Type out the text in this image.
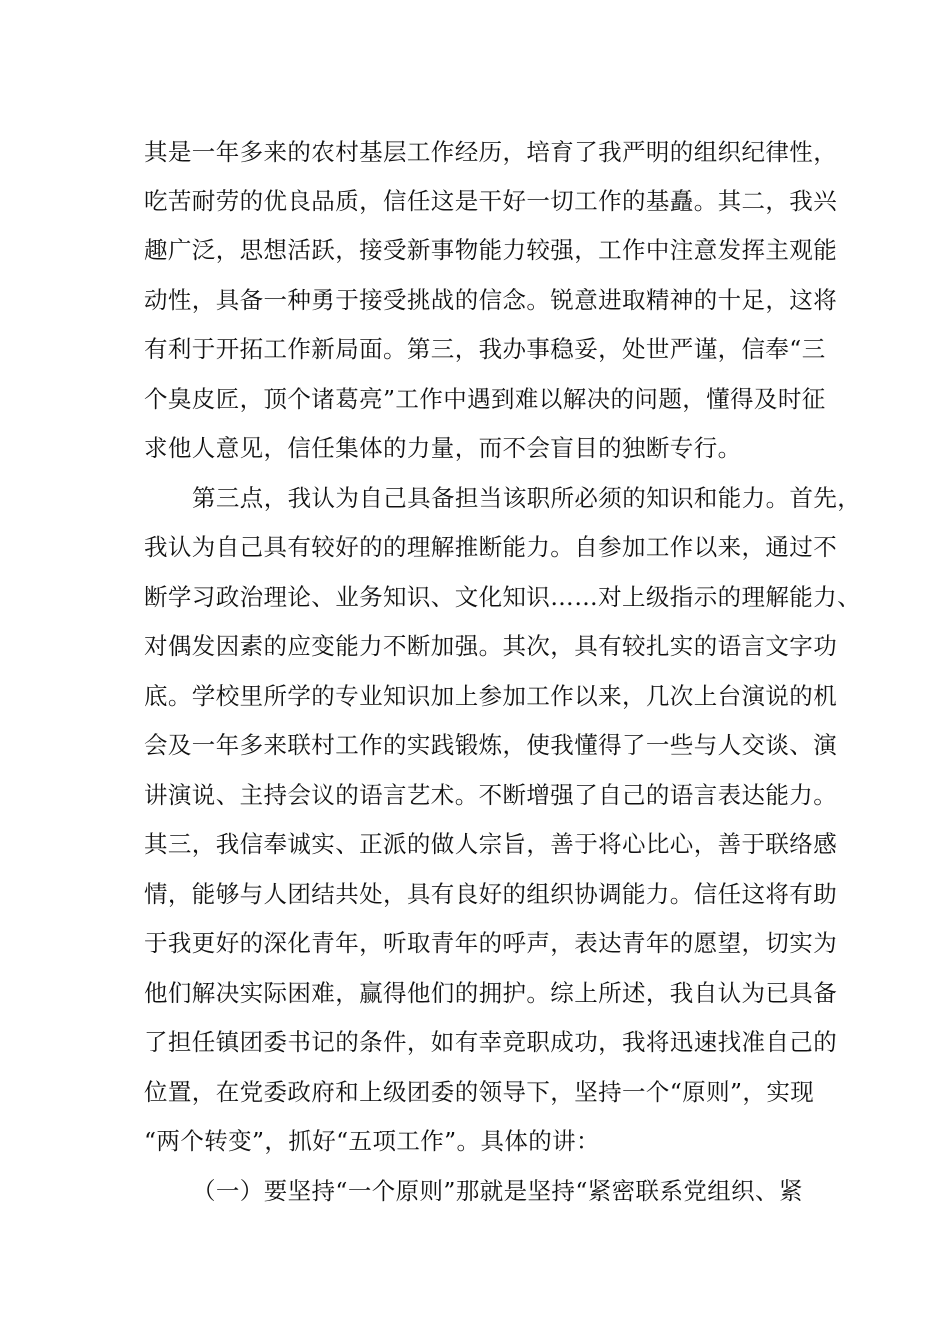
其是一年多来的农村基层工作经历，培育了我严明的组织纪律性，
吃苦耐劳的优良品质，信任这是干好一切工作的基矗。其二，我兴
趣广泛，思想活跃，接受新事物能力较强，工作中注意发挥主观能
动性，具备一种勇于接受挑战的信念。锐意进取精神的十足，这将
有利于开拓工作新局面。第三，我办事稳妥，处世严谨，信奉“三
个臭皮匠，顶个诸葛亮”工作中遇到难以解决的问题，懂得及时征
求他人意见，信任集体的力量，而不会盲目的独断专行。
第三点，我认为自己具备担当该职所必须的知识和能力。首先，
我认为自己具有较好的的理解推断能力。自参加工作以来，通过不
断学习政治理论、业务知识、文化知识……对上级指示的理解能力、
对偶发因素的应变能力不断加强。其次，具有较扎实的语言文字功
底。学校里所学的专业知识加上参加工作以来，几次上台演说的机
会及一年多来联村工作的实践锻炼，使我懂得了一些与人交谈、演
讲演说、主持会议的语言艺术。不断增强了自己的语言表达能力。
其三，我信奉诚实、正派的做人宗旨，善于将心比心，善于联络感
情，能够与人团结共处，具有良好的组织协调能力。信任这将有助
于我更好的深化青年，听取青年的呼声，表达青年的愿望，切实为
他们解决实际困难，赢得他们的拥护。综上所述，我自认为已具备
了担任镇团委书记的条件，如有幸竞职成功，我将迅速找准自己的
位置，在党委政府和上级团委的领导下，坚持一个“原则”，实现
“两个转变”，抓好“五项工作”。具体的讲：
（一）要坚持“一个原则”那就是坚持“紧密联系党组织、紧
